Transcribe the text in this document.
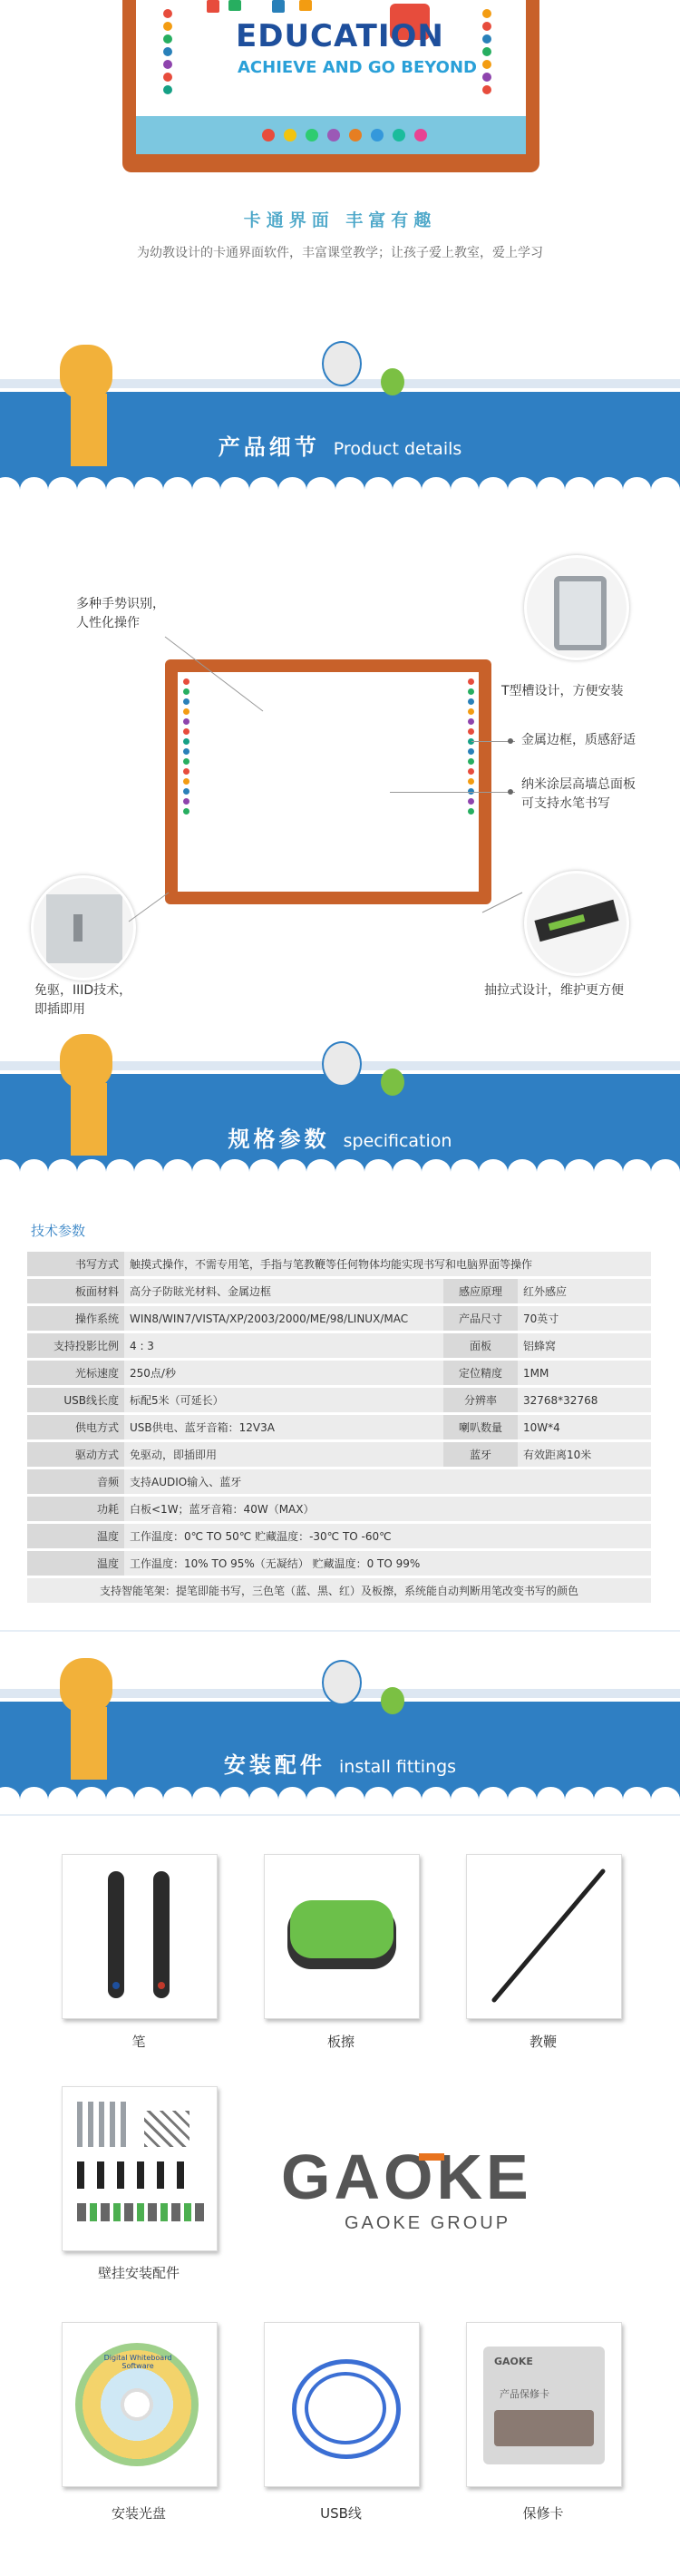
EDUCATION
ACHIEVE AND GO BEYOND
卡通界面 丰富有趣
为幼教设计的卡通界面软件，丰富课堂教学；让孩子爱上教室，爱上学习
产品细节 Product details
多种手势识别，
人性化操作
T型槽设计，方便安装
金属边框，质感舒适
纳米涂层高墙总面板
可支持水笔书写
免驱，IIID技术，
即插即用
抽拉式设计，维护更方便
规格参数 specification
技术参数
书写方式	触摸式操作，不需专用笔，手指与笔教鞭等任何物体均能实现书写和电脑界面等操作		
板面材料	高分子防眩光材料、金属边框	感应原理	红外感应
操作系统	WIN8/WIN7/VISTA/XP/2003/2000/ME/98/LINUX/MAC	产品尺寸	70英寸
支持投影比例	4 : 3	面板	铝蜂窝
光标速度	250点/秒	定位精度	1MM
USB线长度	标配5米（可延长）	分辨率	32768*32768
供电方式	USB供电、蓝牙音箱：12V3A	喇叭数量	10W*4
驱动方式	免驱动，即插即用	蓝牙	有效距离10米
音频	支持AUDIO输入、蓝牙		
功耗	白板<1W；蓝牙音箱：40W（MAX）		
温度	工作温度：0℃ TO 50℃ 贮藏温度：-30℃ TO -60℃		
温度	工作温度：10% TO 95%（无凝结） 贮藏温度：0 TO 99%		
支持智能笔架：提笔即能书写，三色笔（蓝、黑、红）及板擦，系统能自动判断用笔改变书写的颜色			
安装配件 install fittings
笔	板擦	教鞭
壁挂安装配件
GAOKE
GAOKE GROUP
Digital Whiteboard Software
安装光盘	USB线
GAOKE
产品保修卡
保修卡
